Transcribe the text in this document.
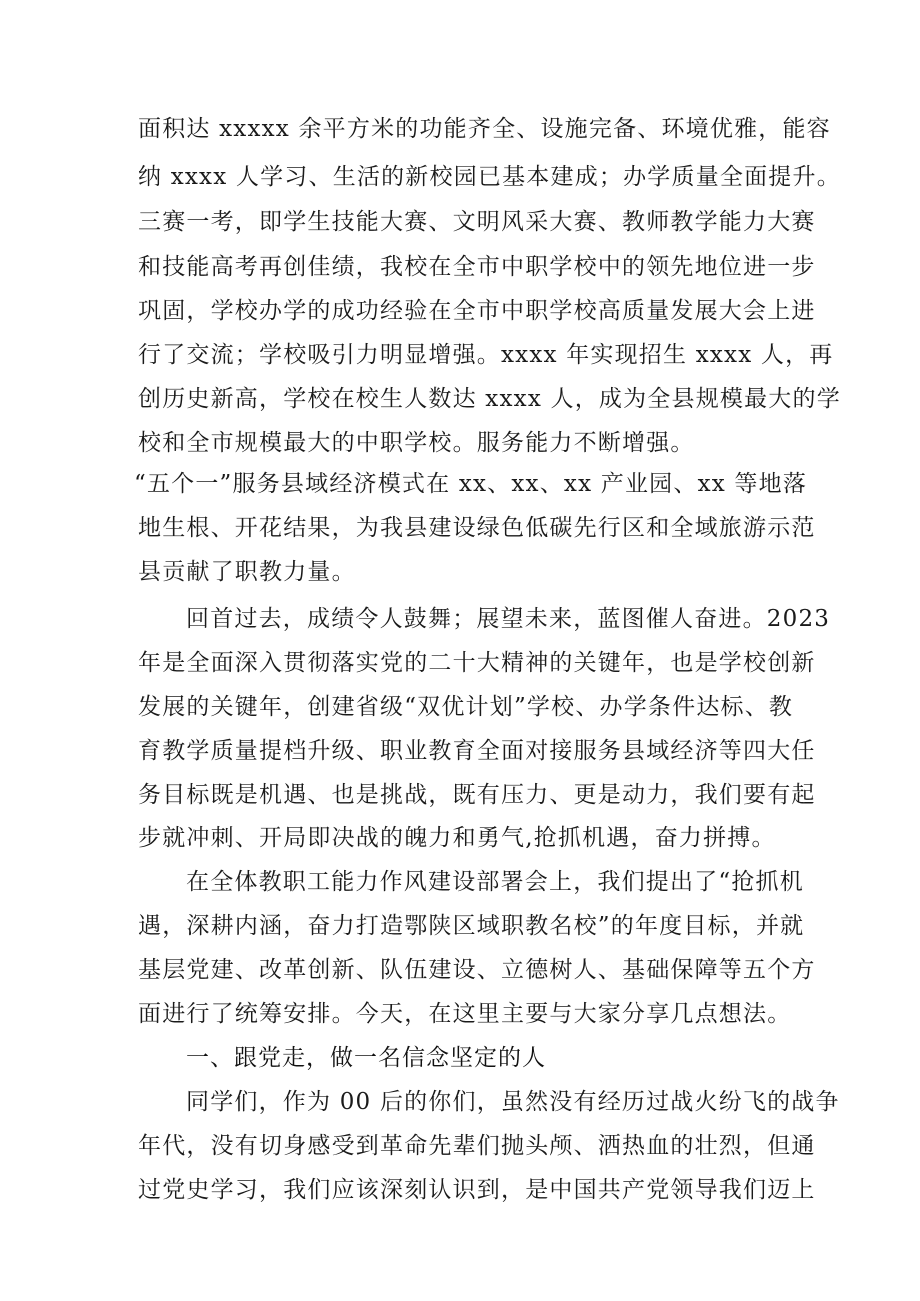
面积达 xxxxx 余平方米的功能齐全、设施完备、环境优雅，能容
纳 xxxx 人学习、生活的新校园已基本建成；办学质量全面提升。
三赛一考，即学生技能大赛、文明风采大赛、教师教学能力大赛
和技能高考再创佳绩，我校在全市中职学校中的领先地位进一步
巩固，学校办学的成功经验在全市中职学校高质量发展大会上进
行了交流；学校吸引力明显增强。xxxx 年实现招生 xxxx 人，再
创历史新高，学校在校生人数达 xxxx 人，成为全县规模最大的学
校和全市规模最大的中职学校。服务能力不断增强。
“五个一”服务县域经济模式在 xx、xx、xx 产业园、xx 等地落
地生根、开花结果，为我县建设绿色低碳先行区和全域旅游示范
县贡献了职教力量。
回首过去，成绩令人鼓舞；展望未来，蓝图催人奋进。2023
年是全面深入贯彻落实党的二十大精神的关键年，也是学校创新
发展的关键年，创建省级“双优计划”学校、办学条件达标、教
育教学质量提档升级、职业教育全面对接服务县域经济等四大任
务目标既是机遇、也是挑战，既有压力、更是动力，我们要有起
步就冲刺、开局即决战的魄力和勇气,抢抓机遇，奋力拼搏。
在全体教职工能力作风建设部署会上，我们提出了“抢抓机
遇，深耕内涵，奋力打造鄂陕区域职教名校”的年度目标，并就
基层党建、改革创新、队伍建设、立德树人、基础保障等五个方
面进行了统筹安排。今天，在这里主要与大家分享几点想法。
一、跟党走，做一名信念坚定的人
同学们，作为 00 后的你们，虽然没有经历过战火纷飞的战争
年代，没有切身感受到革命先辈们抛头颅、洒热血的壮烈，但通
过党史学习，我们应该深刻认识到，是中国共产党领导我们迈上
